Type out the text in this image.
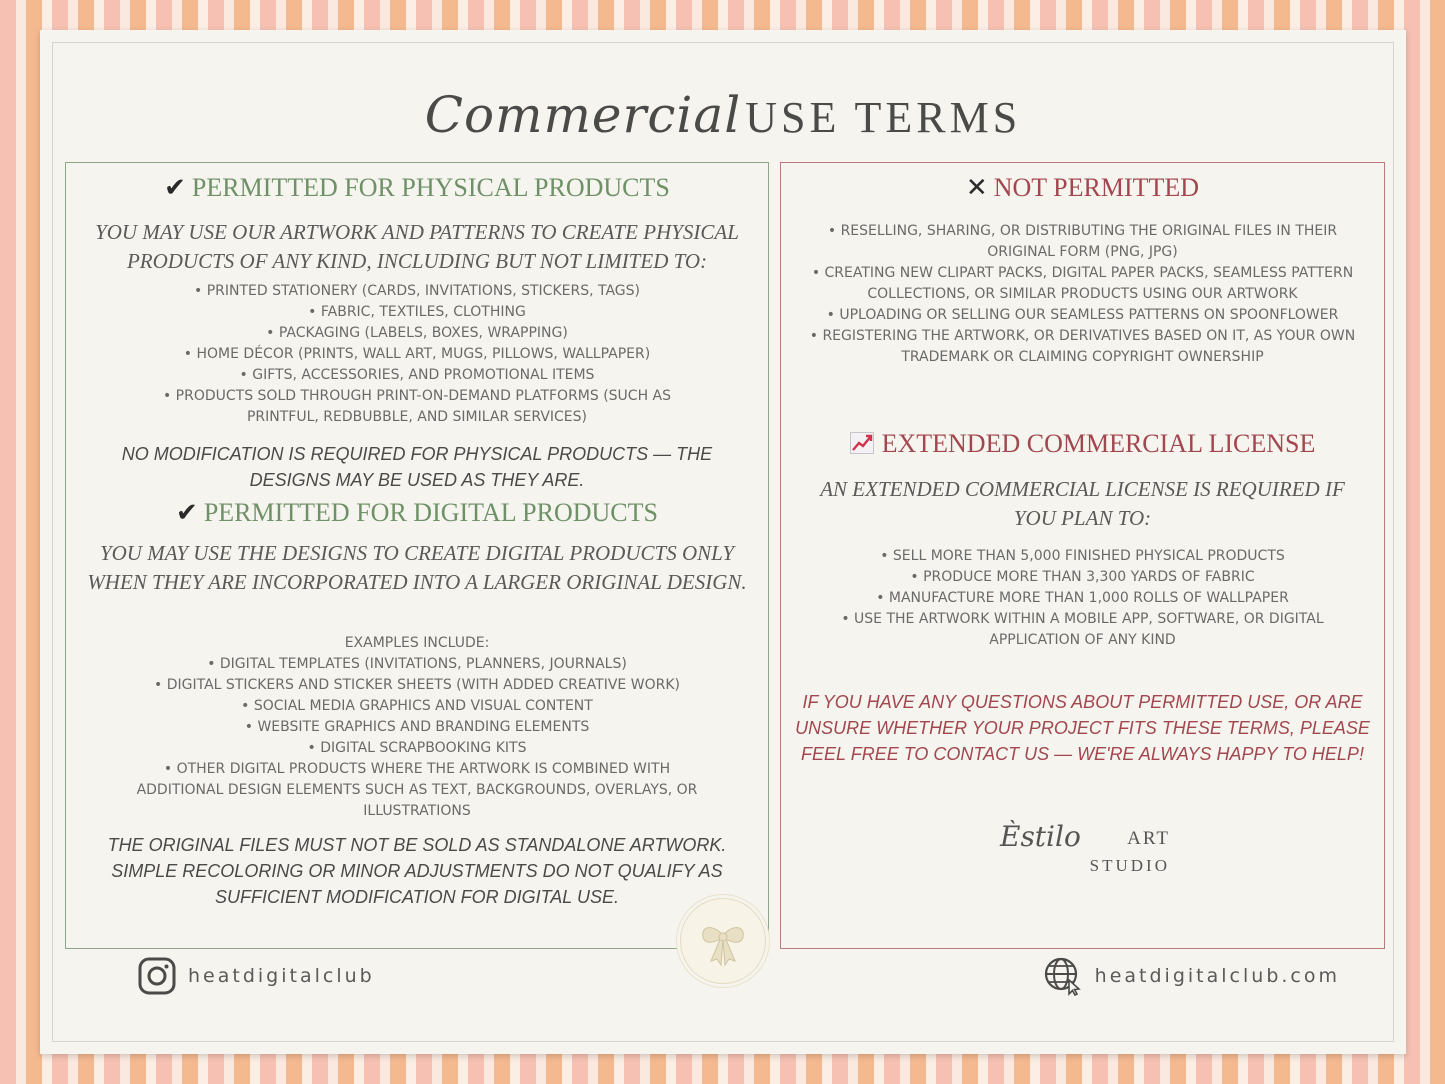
Commercial USE TERMS
✔ PERMITTED FOR PHYSICAL PRODUCTS
YOU MAY USE OUR ARTWORK AND PATTERNS TO CREATE PHYSICAL PRODUCTS OF ANY KIND, INCLUDING BUT NOT LIMITED TO:
• PRINTED STATIONERY (CARDS, INVITATIONS, STICKERS, TAGS)
• FABRIC, TEXTILES, CLOTHING
• PACKAGING (LABELS, BOXES, WRAPPING)
• HOME DÉCOR (PRINTS, WALL ART, MUGS, PILLOWS, WALLPAPER)
• GIFTS, ACCESSORIES, AND PROMOTIONAL ITEMS
• PRODUCTS SOLD THROUGH PRINT-ON-DEMAND PLATFORMS (SUCH AS PRINTFUL, REDBUBBLE, AND SIMILAR SERVICES)
NO MODIFICATION IS REQUIRED FOR PHYSICAL PRODUCTS — THE DESIGNS MAY BE USED AS THEY ARE.
✔ PERMITTED FOR DIGITAL PRODUCTS
YOU MAY USE THE DESIGNS TO CREATE DIGITAL PRODUCTS ONLY WHEN THEY ARE INCORPORATED INTO A LARGER ORIGINAL DESIGN.
EXAMPLES INCLUDE:
• DIGITAL TEMPLATES (INVITATIONS, PLANNERS, JOURNALS)
• DIGITAL STICKERS AND STICKER SHEETS (WITH ADDED CREATIVE WORK)
• SOCIAL MEDIA GRAPHICS AND VISUAL CONTENT
• WEBSITE GRAPHICS AND BRANDING ELEMENTS
• DIGITAL SCRAPBOOKING KITS
• OTHER DIGITAL PRODUCTS WHERE THE ARTWORK IS COMBINED WITH ADDITIONAL DESIGN ELEMENTS SUCH AS TEXT, BACKGROUNDS, OVERLAYS, OR ILLUSTRATIONS
THE ORIGINAL FILES MUST NOT BE SOLD AS STANDALONE ARTWORK. SIMPLE RECOLORING OR MINOR ADJUSTMENTS DO NOT QUALIFY AS SUFFICIENT MODIFICATION FOR DIGITAL USE.
✕ NOT PERMITTED
• RESELLING, SHARING, OR DISTRIBUTING THE ORIGINAL FILES IN THEIR ORIGINAL FORM (PNG, JPG)
• CREATING NEW CLIPART PACKS, DIGITAL PAPER PACKS, SEAMLESS PATTERN COLLECTIONS, OR SIMILAR PRODUCTS USING OUR ARTWORK
• UPLOADING OR SELLING OUR SEAMLESS PATTERNS ON SPOONFLOWER
• REGISTERING THE ARTWORK, OR DERIVATIVES BASED ON IT, AS YOUR OWN TRADEMARK OR CLAIMING COPYRIGHT OWNERSHIP
EXTENDED COMMERCIAL LICENSE
AN EXTENDED COMMERCIAL LICENSE IS REQUIRED IF YOU PLAN TO:
• SELL MORE THAN 5,000 FINISHED PHYSICAL PRODUCTS
• PRODUCE MORE THAN 3,300 YARDS OF FABRIC
• MANUFACTURE MORE THAN 1,000 ROLLS OF WALLPAPER
• USE THE ARTWORK WITHIN A MOBILE APP, SOFTWARE, OR DIGITAL APPLICATION OF ANY KIND
IF YOU HAVE ANY QUESTIONS ABOUT PERMITTED USE, OR ARE UNSURE WHETHER YOUR PROJECT FITS THESE TERMS, PLEASE FEEL FREE TO CONTACT US — WE'RE ALWAYS HAPPY TO HELP!
Èstilo ART
STUDIO
heatdigitalclub	heatdigitalclub.com
